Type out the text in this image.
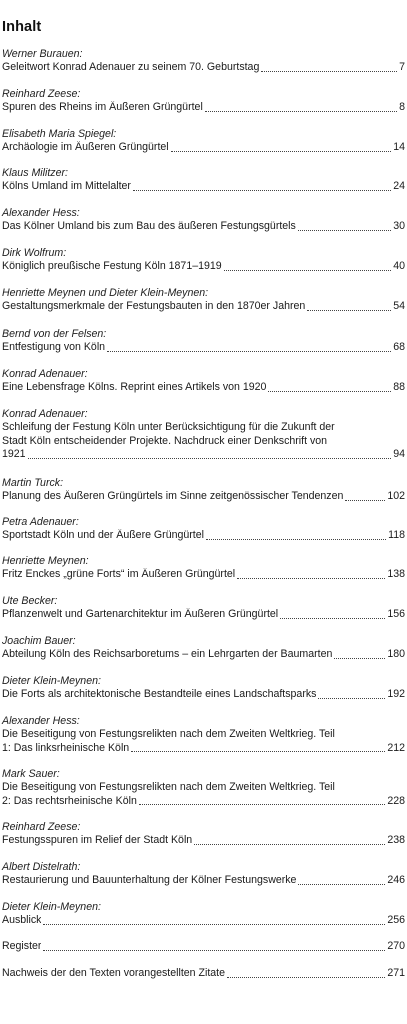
Inhalt
Werner Burauen:
Geleitwort Konrad Adenauer zu seinem 70. Geburtstag	7
Reinhard Zeese:
Spuren des Rheins im Äußeren Grüngürtel	8
Elisabeth Maria Spiegel:
Archäologie im Äußeren Grüngürtel	14
Klaus Militzer:
Kölns Umland im Mittelalter	24
Alexander Hess:
Das Kölner Umland bis zum Bau des äußeren Festungsgürtels	30
Dirk Wolfrum:
Königlich preußische Festung Köln 1871–1919	40
Henriette Meynen und Dieter Klein-Meynen:
Gestaltungsmerkmale der Festungsbauten in den 1870er Jahren	54
Bernd von der Felsen:
Entfestigung von Köln	68
Konrad Adenauer:
Eine Lebensfrage Kölns. Reprint eines Artikels von 1920	88
Konrad Adenauer:
Schleifung der Festung Köln unter Berücksichtigung für die Zukunft der
Stadt Köln entscheidender Projekte. Nachdruck einer Denkschrift von
1921	94
Martin Turck:
Planung des Äußeren Grüngürtels im Sinne zeitgenössischer Tendenzen	102
Petra Adenauer:
Sportstadt Köln und der Äußere Grüngürtel	118
Henriette Meynen:
Fritz Enckes „grüne Forts“ im Äußeren Grüngürtel	138
Ute Becker:
Pflanzenwelt und Gartenarchitektur im Äußeren Grüngürtel	156
Joachim Bauer:
Abteilung Köln des Reichsarboretums – ein Lehrgarten der Baumarten	180
Dieter Klein-Meynen:
Die Forts als architektonische Bestandteile eines Landschaftsparks	192
Alexander Hess:
Die Beseitigung von Festungsrelikten nach dem Zweiten Weltkrieg. Teil
1: Das linksrheinische Köln	212
Mark Sauer:
Die Beseitigung von Festungsrelikten nach dem Zweiten Weltkrieg. Teil
2: Das rechtsrheinische Köln	228
Reinhard Zeese:
Festungsspuren im Relief der Stadt Köln	238
Albert Distelrath:
Restaurierung und Bauunterhaltung der Kölner Festungswerke	246
Dieter Klein-Meynen:
Ausblick	256
Register	270
Nachweis der den Texten vorangestellten Zitate	271
